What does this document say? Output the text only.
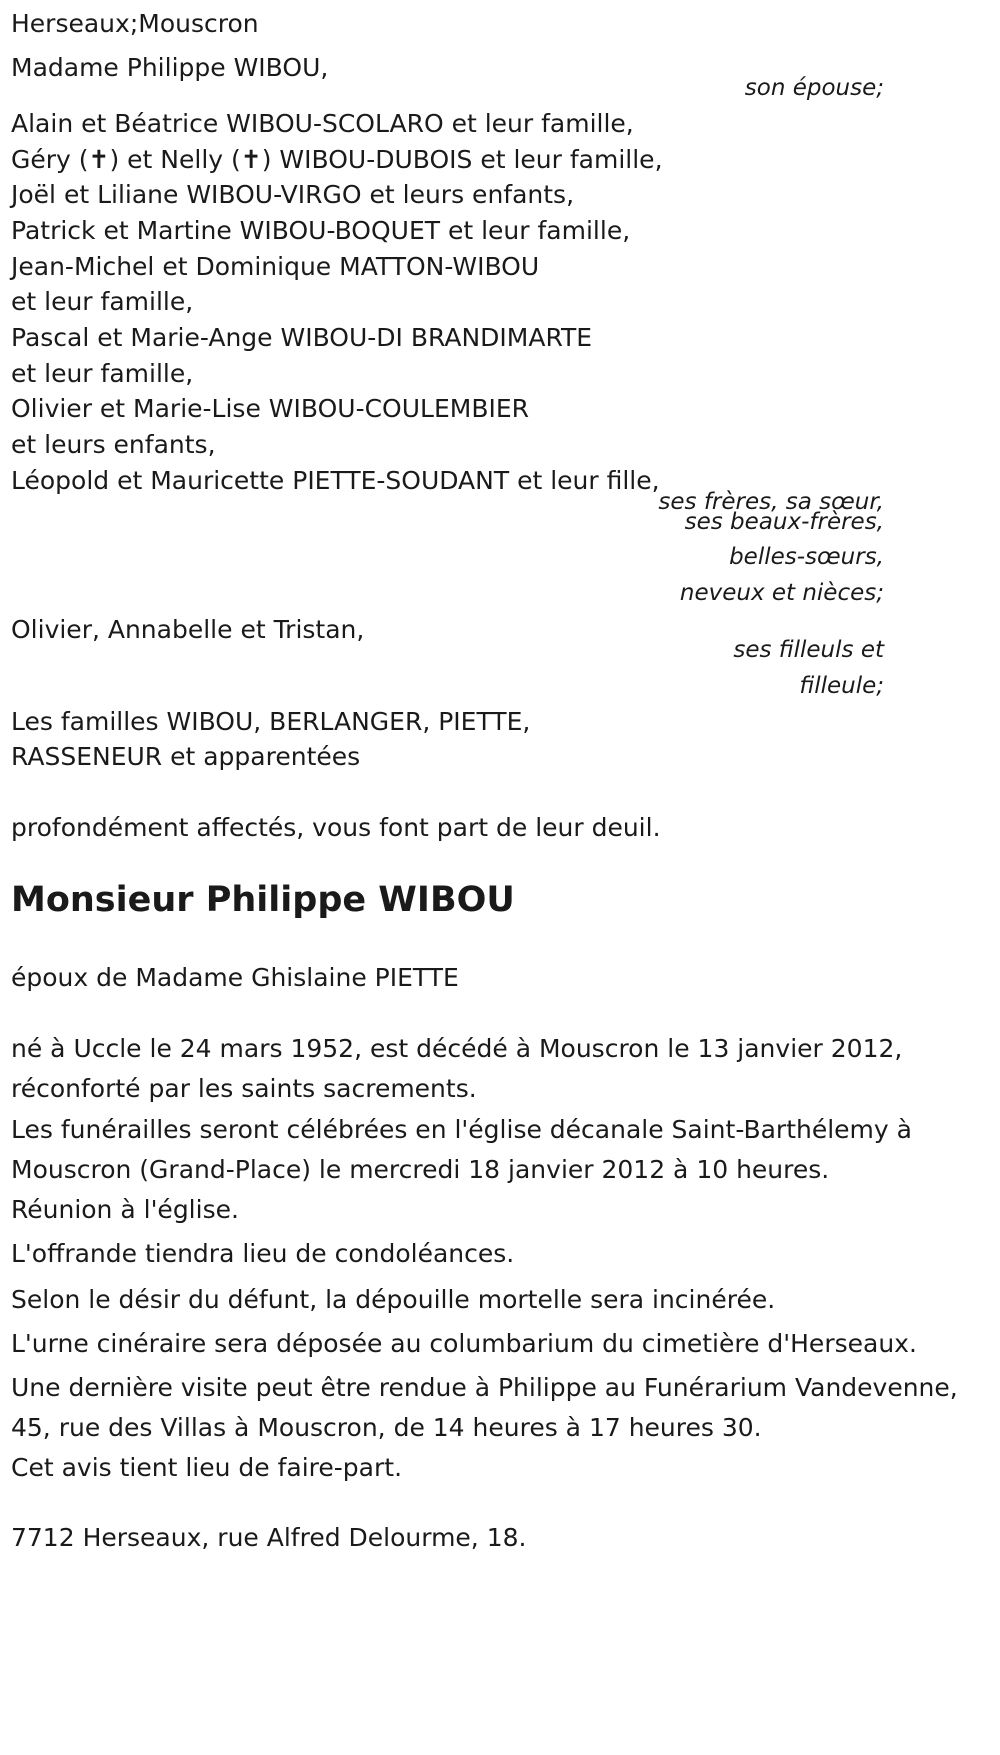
Herseaux;Mouscron

Madame Philippe WIBOU,

son épouse;

Alain et Béatrice WIBOU-SCOLARO et leur famille,

Géry (✝) et Nelly (✝) WIBOU-DUBOIS et leur famille,

Joël et Liliane WIBOU-VIRGO et leurs enfants,

Patrick et Martine WIBOU-BOQUET et leur famille,

Jean-Michel et Dominique MATTON-WIBOU

et leur famille,

Pascal et Marie-Ange WIBOU-DI BRANDIMARTE

et leur famille,

Olivier et Marie-Lise WIBOU-COULEMBIER

et leurs enfants,

Léopold et Mauricette PIETTE-SOUDANT et leur fille,

ses frères, sa sœur,

ses beaux-frères,

belles-sœurs,

neveux et nièces;

Olivier, Annabelle et Tristan,

ses filleuls et

filleule;

Les familles WIBOU, BERLANGER, PIETTE,

RASSENEUR et apparentées

profondément affectés, vous font part de leur deuil.

Monsieur Philippe WIBOU

époux de Madame Ghislaine PIETTE

né à Uccle le 24 mars 1952, est décédé à Mouscron le 13 janvier 2012, réconforté par les saints sacrements.

Les funérailles seront célébrées en l'église décanale Saint-Barthélemy à Mouscron (Grand-Place) le mercredi 18 janvier 2012 à 10 heures.

Réunion à l'église.

L'offrande tiendra lieu de condoléances.

Selon le désir du défunt, la dépouille mortelle sera incinérée.

L'urne cinéraire sera déposée au columbarium du cimetière d'Herseaux.

Une dernière visite peut être rendue à Philippe au Funérarium Vandevenne, 45, rue des Villas à Mouscron, de 14 heures à 17 heures 30.

Cet avis tient lieu de faire-part.

7712 Herseaux, rue Alfred Delourme, 18.
